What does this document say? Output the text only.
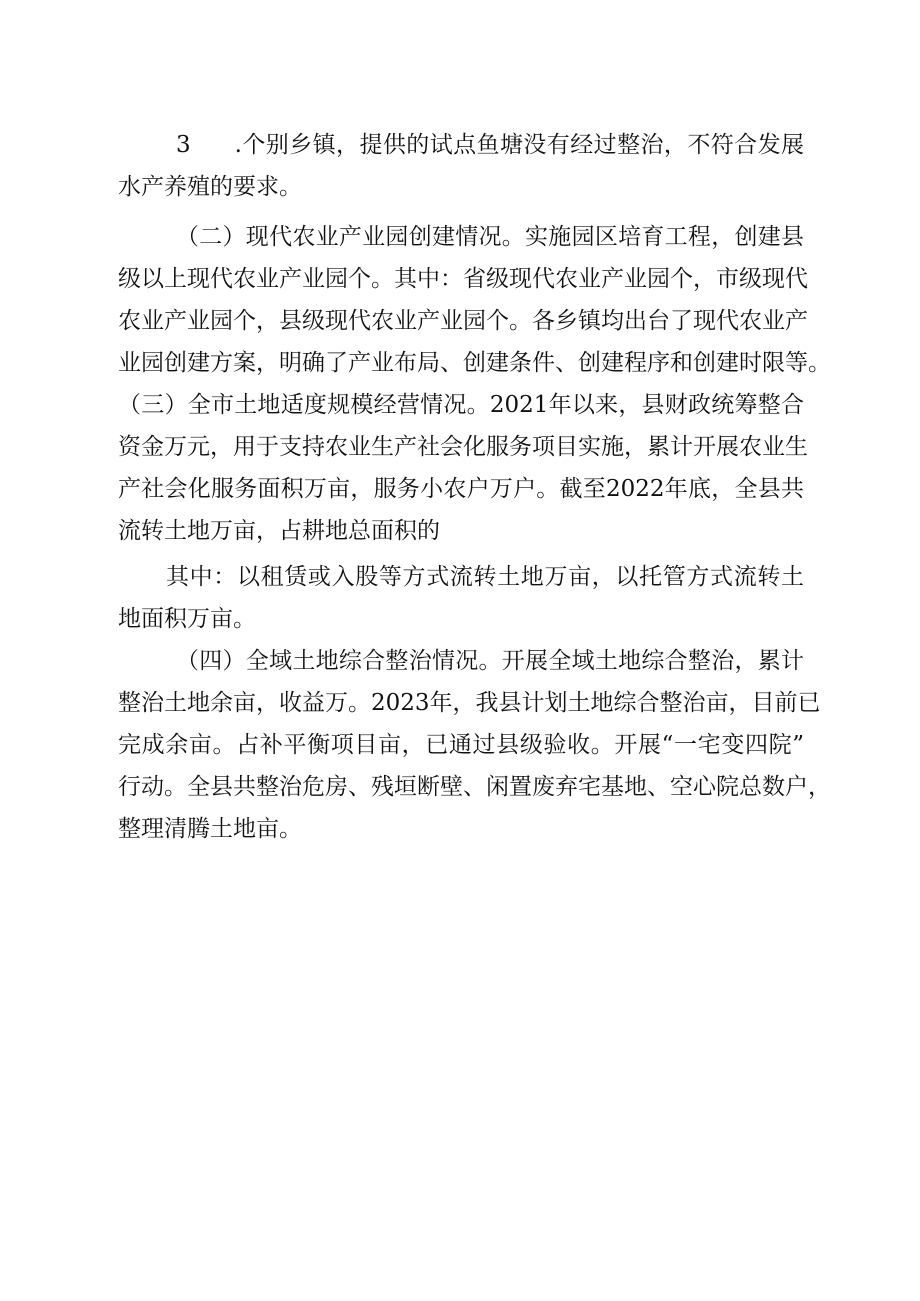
3 .个别乡镇，提供的试点鱼塘没有经过整治，不符合发展
水产养殖的要求。
（二）现代农业产业园创建情况。实施园区培育工程，创建县
级以上现代农业产业园个。其中：省级现代农业产业园个，市级现代
农业产业园个，县级现代农业产业园个。各乡镇均出台了现代农业产
业园创建方案，明确了产业布局、创建条件、创建程序和创建时限等。
（三）全市土地适度规模经营情况。2021年以来，县财政统筹整合
资金万元，用于支持农业生产社会化服务项目实施，累计开展农业生
产社会化服务面积万亩，服务小农户万户。截至2022年底，全县共
流转土地万亩，占耕地总面积的
其中：以租赁或入股等方式流转土地万亩，以托管方式流转土
地面积万亩。
（四）全域土地综合整治情况。开展全域土地综合整治，累计
整治土地余亩，收益万。2023年，我县计划土地综合整治亩，目前已
完成余亩。占补平衡项目亩，已通过县级验收。开展“一宅变四院”
行动。全县共整治危房、残垣断壁、闲置废弃宅基地、空心院总数户，
整理清腾土地亩。
